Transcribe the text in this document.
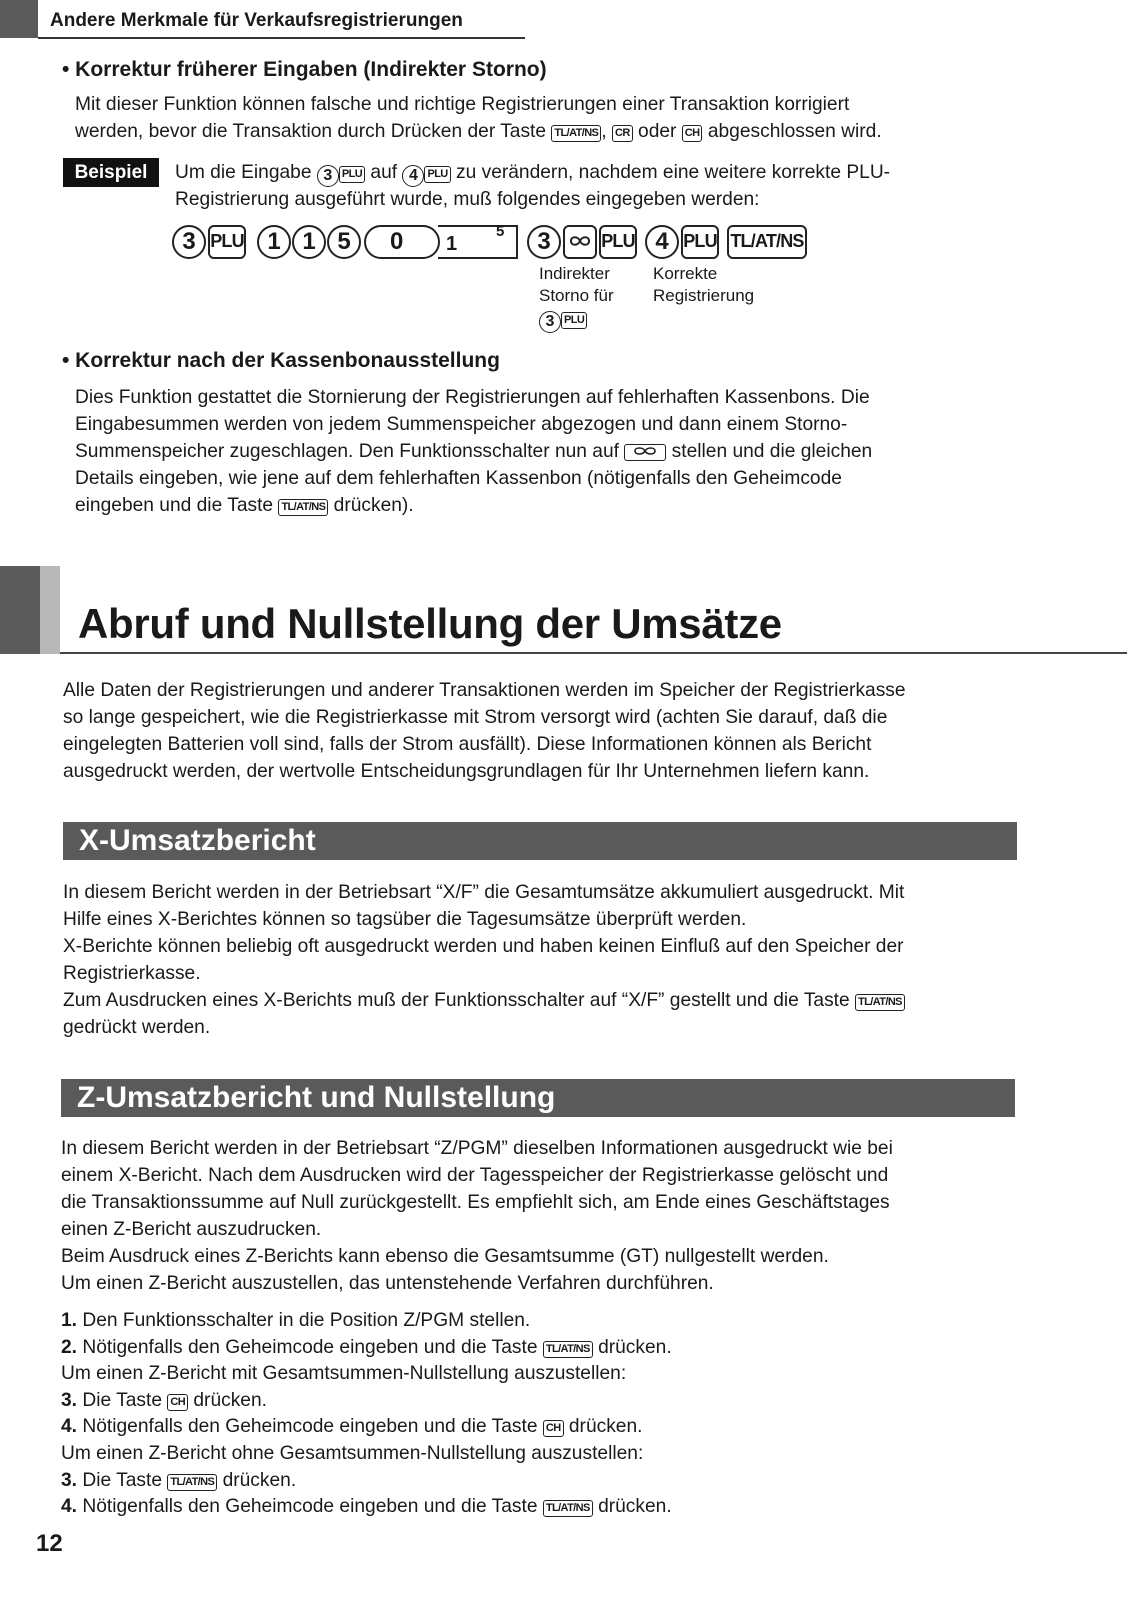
Andere Merkmale für Verkaufsregistrierungen
• Korrektur früherer Eingaben (Indirekter Storno)
Mit dieser Funktion können falsche und richtige Registrierungen einer Transaktion korrigiert
werden, bevor die Transaktion durch Drücken der Taste TL/AT/NS , CR oder CH abgeschlossen wird.
Beispiel	Um die Eingabe 3 PLU auf 4 PLU zu verändern, nachdem eine weitere korrekte PLU-
Registrierung ausgeführt wurde, muß folgendes eingegeben werden:
3 PLU 1 1 5	0	1
5	3	PLU 4 PLU TL/AT/NS
Indirekter
Storno für
3 PLU
Korrekte
Registrierung
• Korrektur nach der Kassenbonausstellung
Dies Funktion gestattet die Stornierung der Registrierungen auf fehlerhaften Kassenbons. Die
Eingabesummen werden von jedem Summenspeicher abgezogen und dann einem Storno-
Summenspeicher zugeschlagen. Den Funktionsschalter nun auf	stellen und die gleichen
Details eingeben, wie jene auf dem fehlerhaften Kassenbon (nötigenfalls den Geheimcode
eingeben und die Taste TL/AT/NS drücken).
Abruf und Nullstellung der Umsätze
Alle Daten der Registrierungen und anderer Transaktionen werden im Speicher der Registrierkasse
so lange gespeichert, wie die Registrierkasse mit Strom versorgt wird (achten Sie darauf, daß die
eingelegten Batterien voll sind, falls der Strom ausfällt). Diese Informationen können als Bericht
ausgedruckt werden, der wertvolle Entscheidungsgrundlagen für Ihr Unternehmen liefern kann.
X-Umsatzbericht
In diesem Bericht werden in der Betriebsart “X/F” die Gesamtumsätze akkumuliert ausgedruckt. Mit
Hilfe eines X-Berichtes können so tagsüber die Tagesumsätze überprüft werden.
X-Berichte können beliebig oft ausgedruckt werden und haben keinen Einfluß auf den Speicher der
Registrierkasse.
Zum Ausdrucken eines X-Berichts muß der Funktionsschalter auf “X/F” gestellt und die Taste TL/AT/NS
gedrückt werden.
Z-Umsatzbericht und Nullstellung
In diesem Bericht werden in der Betriebsart “Z/PGM” dieselben Informationen ausgedruckt wie bei
einem X-Bericht. Nach dem Ausdrucken wird der Tagesspeicher der Registrierkasse gelöscht und
die Transaktionssumme auf Null zurückgestellt. Es empfiehlt sich, am Ende eines Geschäftstages
einen Z-Bericht auszudrucken.
Beim Ausdruck eines Z-Berichts kann ebenso die Gesamtsumme (GT) nullgestellt werden.
Um einen Z-Bericht auszustellen, das untenstehende Verfahren durchführen.
1. Den Funktionsschalter in die Position Z/PGM stellen.
2. Nötigenfalls den Geheimcode eingeben und die Taste TL/AT/NS drücken.
Um einen Z-Bericht mit Gesamtsummen-Nullstellung auszustellen:
3. Die Taste CH drücken.
4. Nötigenfalls den Geheimcode eingeben und die Taste CH drücken.
Um einen Z-Bericht ohne Gesamtsummen-Nullstellung auszustellen:
3. Die Taste TL/AT/NS drücken.
4. Nötigenfalls den Geheimcode eingeben und die Taste TL/AT/NS drücken.
12
